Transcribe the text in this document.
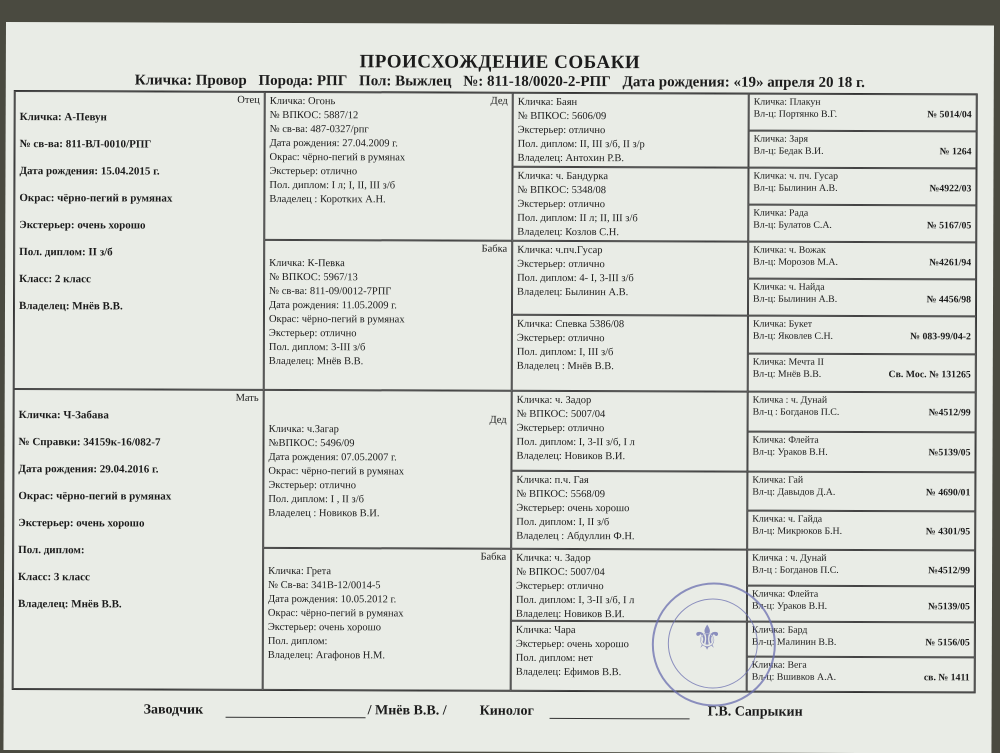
ПРОИСХОЖДЕНИЕ СОБАКИ
Кличка: Провор Порода: РПГ Пол: Выжлец №: 811-18/0020-2-РПГ Дата рождения: «19» апреля 20 18 г.
Отец

Кличка: А-Певун

№ св-ва: 811-ВЛ-0010/РПГ

Дата рождения: 15.04.2015 г.

Окрас: чёрно-пегий в румянах

Экстерьер: очень хорошо

Пол. диплом: II з/б

Класс: 2 класс

Владелец: Мнёв В.В.

Мать

Кличка: Ч-Забава

№ Справки: 34159к-16/082-7

Дата рождения: 29.04.2016 г.

Окрас: чёрно-пегий в румянах

Экстерьер: очень хорошо

Пол. диплом:

Класс: 3 класс

Владелец: Мнёв В.В.

Дед

Кличка: Огонь

№ ВПКОС: 5887/12

№ св-ва: 487-0327/рпг

Дата рождения: 27.04.2009 г.

Окрас: чёрно-пегий в румянах

Экстерьер: отлично

Пол. диплом: I л; I, II, III з/б

Владелец : Коротких А.Н.

Бабка

Кличка: К-Певка

№ ВПКОС: 5967/13

№ св-ва: 811-09/0012-7РПГ

Дата рождения: 11.05.2009 г.

Окрас: чёрно-пегий в румянах

Экстерьер: отлично

Пол. диплом: 3-III з/б

Владелец: Мнёв В.В.

Дед

Кличка: ч.Загар

№ВПКОС: 5496/09

Дата рождения: 07.05.2007 г.

Окрас: чёрно-пегий в румянах

Экстерьер: отлично

Пол. диплом: I , II з/б

Владелец : Новиков В.И.

Бабка

Кличка: Грета

№ Св-ва: 341В-12/0014-5

Дата рождения: 10.05.2012 г.

Окрас: чёрно-пегий в румянах

Экстерьер: очень хорошо

Пол. диплом:

Владелец: Агафонов Н.М.

Кличка: Баян

№ ВПКОС: 5606/09

Экстерьер: отлично

Пол. диплом: II, III з/б, II з/р

Владелец: Антохин Р.В.

Кличка: ч. Бандурка

№ ВПКОС: 5348/08

Экстерьер: отлично

Пол. диплом: II л; II, III з/б

Владелец: Козлов С.Н.

Кличка: ч.пч.Гусар

Экстерьер: отлично

Пол. диплом: 4- I, 3-III з/б

Владелец: Былинин А.В.

Кличка: Спевка 5386/08

Экстерьер: отлично

Пол. диплом: I, III з/б

Владелец : Мнёв В.В.

Кличка: ч. Задор

№ ВПКОС: 5007/04

Экстерьер: отлично

Пол. диплом: I, 3-II з/б, I л

Владелец: Новиков В.И.

Кличка: п.ч. Гая

№ ВПКОС: 5568/09

Экстерьер: очень хорошо

Пол. диплом: I, II з/б

Владелец : Абдуллин Ф.Н.

Кличка: ч. Задор

№ ВПКОС: 5007/04

Экстерьер: отлично

Пол. диплом: I, 3-II з/б, I л

Владелец: Новиков В.И.

Кличка: Чара

Экстерьер: очень хорошо

Пол. диплом: нет

Владелец: Ефимов В.В.

Кличка: Плакун
Вл-ц: Портянко В.Г.	№ 5014/04
Кличка: Заря
Вл-ц: Бедак В.И.	№ 1264
Кличка: ч. пч. Гусар
Вл-ц: Былинин А.В.	№4922/03
Кличка: Рада
Вл-ц: Булатов С.А.	№ 5167/05
Кличка: ч. Вожак
Вл-ц: Морозов М.А.	№4261/94
Кличка: ч. Найда
Вл-ц: Былинин А.В.	№ 4456/98
Кличка: Букет
Вл-ц: Яковлев С.Н.	№ 083-99/04-2
Кличка: Мечта II
Вл-ц: Мнёв В.В.	Св. Мос. № 131265
Кличка : ч. Дунай
Вл-ц : Богданов П.С.	№4512/99
Кличка: Флейта
Вл-ц: Ураков В.Н.	№5139/05
Кличка: Гай
Вл-ц: Давыдов Д.А.	№ 4690/01
Кличка: ч. Гайда
Вл-ц: Микрюков Б.Н.	№ 4301/95
Кличка : ч. Дунай
Вл-ц : Богданов П.С.	№4512/99
Кличка: Флейта
Вл-ц: Ураков В.Н.	№5139/05
Кличка: Бард
Вл-ц: Малинин В.В.	№ 5156/05
Кличка: Вега
Вл-ц: Вшивков А.А.	св. № 1411
Заводчик	/ Мнёв В.В. / Кинолог	Г.В. Сапрыкин
⚜
